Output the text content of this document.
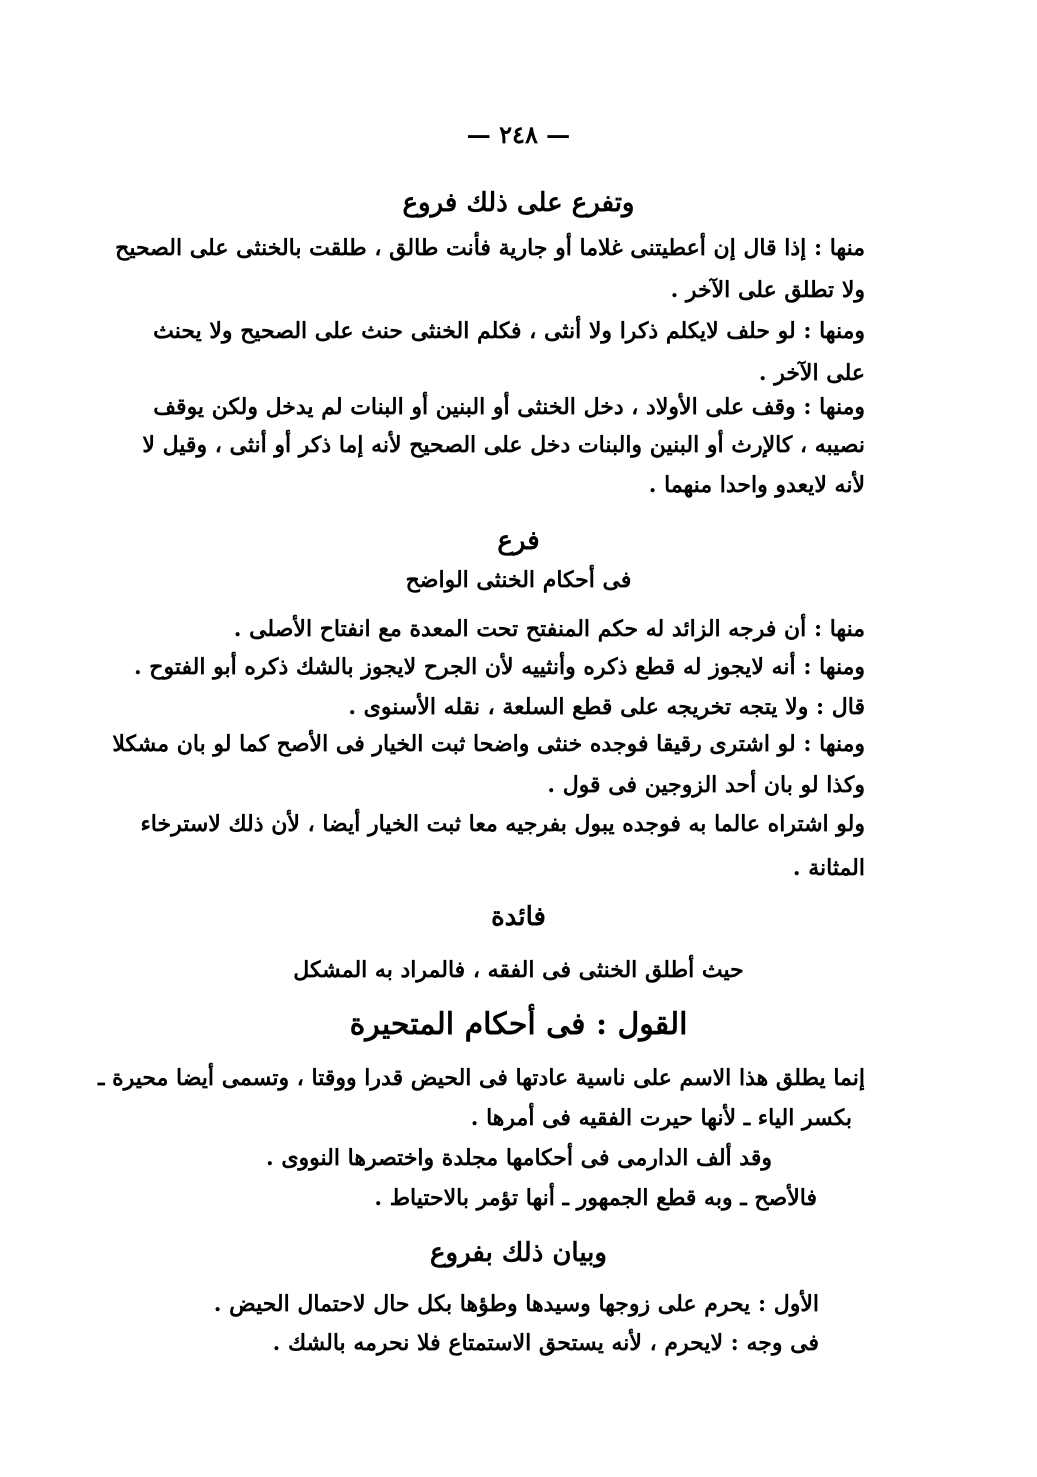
— ٢٤٨ —
وتفرع على ذلك فروع
منها : إذا قال إن أعطيتنى غلاما أو جارية فأنت طالق ، طلقت بالخنثى على الصحيح
ولا تطلق على الآخر .
ومنها : لو حلف لايكلم ذكرا ولا أنثى ، فكلم الخنثى حنث على الصحيح ولا يحنث
على الآخر .
ومنها : وقف على الأولاد ، دخل الخنثى أو البنين أو البنات لم يدخل ولكن يوقف
نصيبه ، كالإرث أو البنين والبنات دخل على الصحيح لأنه إما ذكر أو أنثى ، وقيل لا
لأنه لايعدو واحدا منهما .
فرع
فى أحكام الخنثى الواضح
منها : أن فرجه الزائد له حكم المنفتح تحت المعدة مع انفتاح الأصلى .
ومنها : أنه لايجوز له قطع ذكره وأنثييه لأن الجرح لايجوز بالشك ذكره أبو الفتوح .
قال : ولا يتجه تخريجه على قطع السلعة ، نقله الأسنوى .
ومنها : لو اشترى رقيقا فوجده خنثى واضحا ثبت الخيار فى الأصح كما لو بان مشكلا
وكذا لو بان أحد الزوجين فى قول .
ولو اشتراه عالما به فوجده يبول بفرجيه معا ثبت الخيار أيضا ، لأن ذلك لاسترخاء
المثانة .
فائدة
حيث أطلق الخنثى فى الفقه ، فالمراد به المشكل
القول : فى أحكام المتحيرة
إنما يطلق هذا الاسم على ناسية عادتها فى الحيض قدرا ووقتا ، وتسمى أيضا محيرة ـ
بكسر الياء ـ لأنها حيرت الفقيه فى أمرها .
وقد ألف الدارمى فى أحكامها مجلدة واختصرها النووى .
فالأصح ـ وبه قطع الجمهور ـ أنها تؤمر بالاحتياط .
وبيان ذلك بفروع
الأول : يحرم على زوجها وسيدها وطؤها بكل حال لاحتمال الحيض .
فى وجه : لايحرم ، لأنه يستحق الاستمتاع فلا نحرمه بالشك .
